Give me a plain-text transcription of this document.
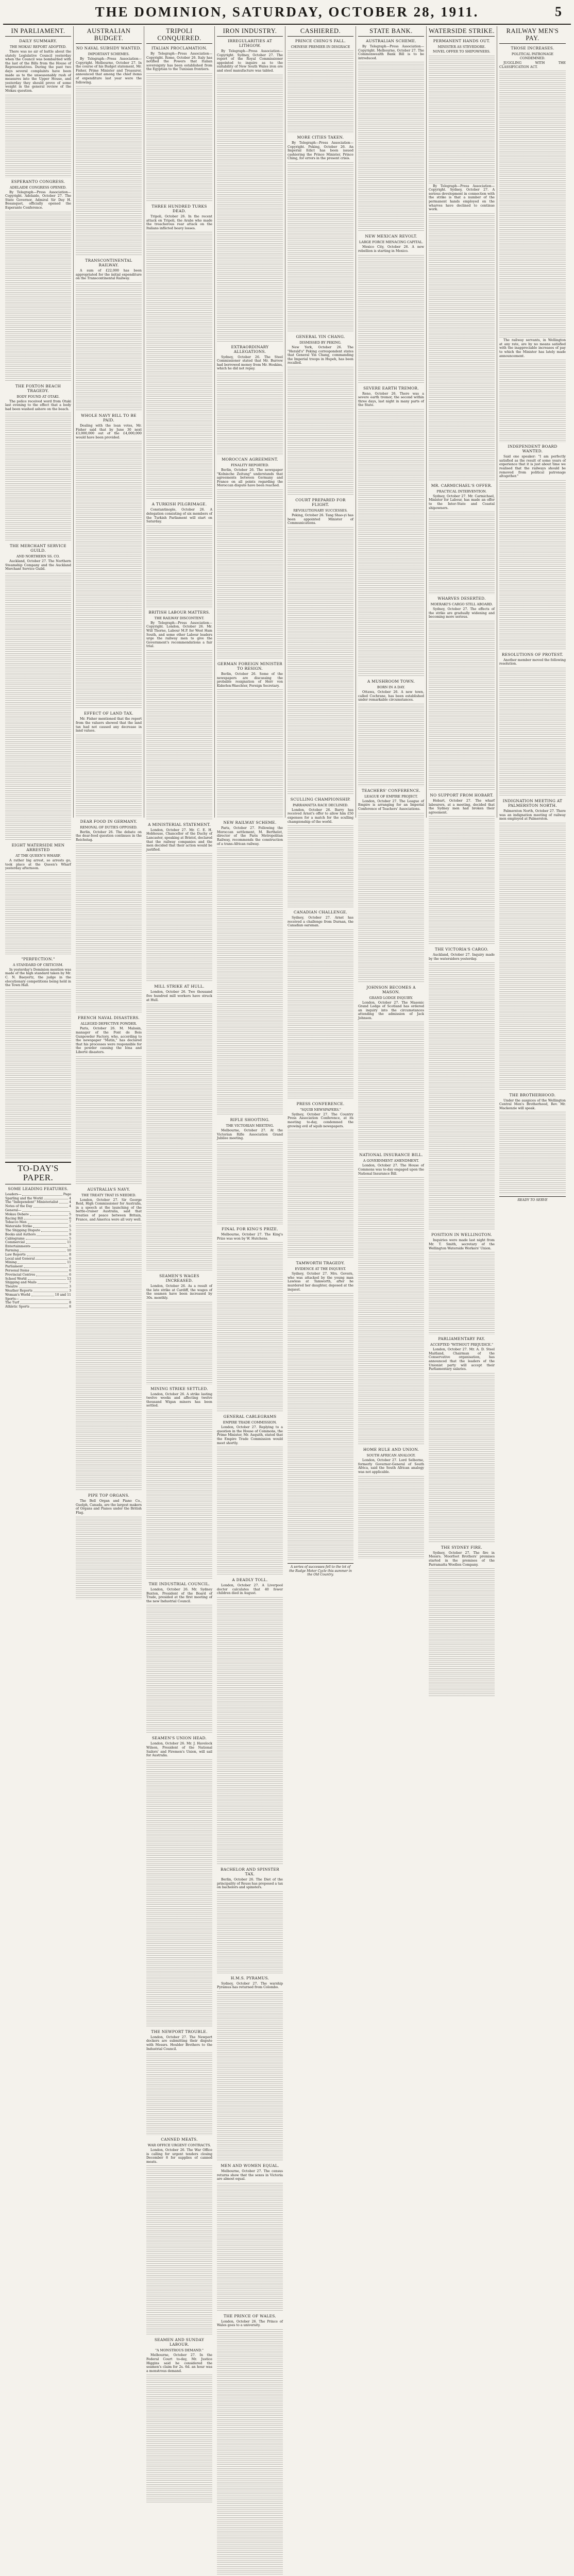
THE DOMINION, SATURDAY, OCTOBER 28, 1911.	5
IN PARLIAMENT.
DAILY SUMMARY.
THE MOKAU REPORT ADOPTED.

There was no air of battle about the stately Legislative Council yesterday when the Council was bombarded with the last of the Bills from the House of Representatives. During the past two days several complaints have been made as to the unseasonably rush of measures into the Upper House, and yesterday they should prove of some weight in the general review of the Mokau question.

ESPERANTO CONGRESS.
ADELAIDE CONGRESS OPENED.

By Telegraph—Press Association—Copyright. Adelaide, October 27. The State Governor, Admiral Sir Day H. Bosanquet, officially opened the Esperanto Conference.

THE FOXTON BEACH TRAGEDY.
BODY FOUND AT OTAKI.

The police received word from Otaki last evening to the effect that a body had been washed ashore on the beach.

THE MERCHANT SERVICE GUILD.
AND NORTHERN SS. CO.

Auckland, October 27. The Northern Steamship Company and the Auckland Merchant Service Guild.

EIGHT WATERSIDE MEN ARRESTED
AT THE QUEEN'S WHARF.

A rather big arrest, so arrests go, took place at the Queen's Wharf yesterday afternoon.

"PERFECTION."
A STANDARD OF CRITICISM.

In yesterday's Dominion mention was made of the high standard taken by Mr. C. N. Baeyertz, the judge in the elocutionary competitions being held in the Town Hall.

TO-DAY'S PAPER.
SOME LEADING FEATURES.
Leaders—	Page
Sparling and the World	4
The "Independent" Ministerialist	4
Notes of the Day	4
General—
Mokau Debate	5
Racing Bill	6
Tobacco Men	7
Waterside Strike	5
The Shipping Dispute	5
Books and Authors	9
Cablegrams	5
Commercial	11
Entertainments	3
Farming	10
Law Reports	8
Local and General	6
Mining	11
Parliament	2
Personal Items	6
Provincial Centres	6
School World	13
Shipping and Mails	7
Theatre	3
Weather Reports	3
Woman's World	10 and 11
Sports—
The Turf	8
Athletic Sports	8
AUSTRALIAN BUDGET.
NO NAVAL SUBSIDY WANTED.
IMPORTANT SCHEMES.

By Telegraph—Press Association—Copyright. Melbourne, October 27. In the course of his Budget statement, Mr. Fisher, Prime Minister and Treasurer, announced that among the chief items of expenditure last year were the following.

TRANSCONTINENTAL RAILWAY.

A sum of £22,000 has been appropriated for the initial expenditure on the Transcontinental Railway.

WHOLE NAVY BILL TO BE PAID.

Dealing with the loan votes, Mr. Fisher said that by June 30 next £3,000,000 out of the £4,000,000 would have been provided.

EFFECT OF LAND TAX.

Mr. Fisher mentioned that the report from the valuers showed that the land tax had not caused any decrease in land values.

DEAR FOOD IN GERMANY.
REMOVAL OF DUTIES OPPOSED.

Berlin, October 26. The debate on the dear-food question continues in the Reichstag.

FRENCH NAVAL DISASTERS.
ALLEGED DEFECTIVE POWDER.

Paris, October 26. M. Malssin, manager of the Pont de Bois Gunpowder Factory, who, according to the newspaper "Matin," has declared that his processes were responsible for the powder causing the Iéna and Liberté disasters.

AUSTRALIA'S NAVY.
THE TREATY THAT IS NEEDED.

London, October 27. Sir George Reid, High Commissioner for Australia, in a speech at the launching of the battle-cruiser Australia, said that treaties of peace between Britain, France, and America were all very well.

PIPE TOP ORGANS.

The Bell Organ and Piano Co., Guelph, Canada, are the largest makers of Organs and Pianos under the British Flag.

TRIPOLI CONQUERED.
ITALIAN PROCLAMATION.

By Telegraph—Press Association—Copyright. Rome, October 26. Italy has notified the Powers that Italian sovereignty has been established from the Egyptian to the Tunisian frontiers.

THREE HUNDRED TURKS DEAD.

Tripoli, October 26. In the recent attack on Tripoli, the Arabs who made the treacherous rear attack on the Italians inflicted heavy losses.

A TURKISH PILGRIMAGE.

Constantinople, October 26. A delegation consisting of six members of the Turkish Parliament will start on Saturday.

BRITISH LABOUR MATTERS.
THE RAILWAY DISCONTENT.

By Telegraph—Press Association—Copyright. London, October 26. Mr. Will Thorne, Labour M.P. for West Ham South, and some other Labour leaders urge the railway men to give the Government's recommendations a fair trial.

A MINISTERIAL STATEMENT.

London, October 27. Mr. C. E. H. Hobhouse, Chancellor of the Duchy of Lancaster, speaking at Bristol, declared that the railway companies and the men decided that their action would be justified.

MILL STRIKE AT HULL.

London, October 26. Two thousand five hundred mill workers have struck at Hull.

SEAMEN'S WAGES INCREASED.

London, October 26. As a result of the late strike at Cardiff, the wages of the seamen have been increased by 30s. monthly.

MINING STRIKE SETTLED.

London, October 26. A strike lasting twelve weeks and affecting twelve thousand Wigan miners has been settled.

THE INDUSTRIAL COUNCIL.

London, October 26. Mr. Sydney Buxton, President of the Board of Trade, presided at the first meeting of the new Industrial Council.

SEAMEN'S UNION HEAD.

London, October 26. Mr. J. Havelock Wilson, President of the National Sailors' and Firemen's Union, will sail for Australia.

THE NEWPORT TROUBLE.

London, October 27. The Newport dockers are submitting their dispute with Messrs. Houlder Brothers to the Industrial Council.

CANNED MEATS.
WAR OFFICE URGENT CONTRACTS.

London, October 26. The War Office is calling for urgent tenders closing December 8 for supplies of canned meats.

SEAMEN AND SUNDAY LABOUR.
"A MONSTROUS DEMAND."

Melbourne, October 27. In the Federal Court to-day, Mr. Justice Higgins said he considered the seamen's claim for 2s. 6d. an hour was a monstrous demand.

IRON INDUSTRY.
IRREGULARITIES AT LITHGOW.

By Telegraph—Press Association—Copyright. Sydney, October 27. The report of the Royal Commissioner appointed to inquire as to the suitability of New South Wales iron ore and steel manufacture was tabled.

EXTRAORDINARY ALLEGATIONS.

Sydney, October 26. The Steel Commissioner stated that Mr. Burrow had borrowed money from Mr. Hoskins, which he did not repay.

MOROCCAN AGREEMENT.
FINALITY REPORTED.

Berlin, October 26. The newspaper "Kolnische Zeitung" understands that agreements between Germany and France on all points regarding the Moroccan dispute have been reached.

GERMAN FOREIGN MINISTER TO RESIGN.

Berlin, October 26. Some of the newspapers are discussing the probable resignation of Herr von Kiderlen-Waechter, Foreign Secretary.

NEW RAILWAY SCHEME.

Paris, October 27. Following the Moroccan settlement, M. Berthelot, director of the Paris Metropolitan Railway, recommends the construction of a trans-African railway.

RIFLE SHOOTING.
THE VICTORIAN MEETING.

Melbourne, October 27. At the Victorian Rifle Association Grand Jubilee meeting.

FINAL FOR KING'S PRIZE.

Melbourne, October 27. The King's Prize was won by W. Hutchens.

GENERAL CABLEGRAMS
EMPIRE TRADE COMMISSION.

London, October 27. Replying to a question in the House of Commons, the Prime Minister, Mr. Asquith, stated that the Empire Trade Commission would meet shortly.

A DEADLY TOLL.

London, October 27. A Liverpool doctor calculates that 40 fewer children died in August.

BACHELOR AND SPINSTER TAX.

Berlin, October 26. The Diet of the principality of Reuss has proposed a tax on bachelors and spinsters.

H.M.S. PYRAMUS.

Sydney, October 27. The warship Pyramus has returned from Colombo.

MEN AND WOMEN EQUAL.

Melbourne, October 27. The census returns show that the sexes in Victoria are almost equal.

THE PRINCE OF WALES.

London, October 26. The Prince of Wales goes to a university.

CASHIERED.
PRINCE CHING'S FALL.
CHINESE PREMIER IN DISGRACE
MORE CITIES TAKEN.

By Telegraph—Press Association—Copyright. Peking, October 26. An Imperial Edict has been issued cashiering the Prince Minister, Prince Ching, for errors in the present crisis.

GENERAL YIN CHANG.
DISMISSED BY PEKING.

New York, October 26. The "Herald's" Peking correspondent states that General Yin Chang, commanding the Imperial troops in Hupeh, has been recalled.

COURT PREPARED FOR FLIGHT.
REVOLUTIONARY SUCCESSES.

Peking, October 26. Tang Shao-yi has been appointed Minister of Communications.

SCULLING CHAMPIONSHIP.
PARRAMATTA RACE DECLINED.

London, October 26. Barry has received Arnst's offer to allow him £50 expenses for a match for the sculling championship of the world.

CANADIAN CHALLENGE.

Sydney, October 27. Arnst has received a challenge from Durnan, the Canadian oarsman.

PRESS CONFERENCE.
"SQUIB NEWSPAPERS."

Sydney, October 27. The Country Press Association Conference, at its meeting to-day, condemned the growing evil of squib newspapers.

TAMWORTH TRAGEDY.
EVIDENCE AT THE INQUEST.

Sydney, October 27. Mrs. Govern, who was attacked by the young man Lawless at Tamworth, after he murdered her daughter, deposed at the inquest.

A series of successes fell to the lot of the Rudge Motor Cycle this summer in the Old Country.
STATE BANK.
AUSTRALIAN SCHEME.

By Telegraph—Press Association—Copyright. Melbourne, October 27. The Commonwealth Bank Bill is to be introduced.

NEW MEXICAN REVOLT.
LARGE FORCE MENACING CAPITAL.

Mexico City, October 26. A new rebellion is starting in Mexico.

SEVERE EARTH TREMOR.

Reno, October 26. There was a severe earth tremor, the second within three days, last night in many parts of the State.

A MUSHROOM TOWN.
BORN IN A DAY.

Ottawa, October 26. A new town, called Cochrane, has been established under remarkable circumstances.

TEACHERS' CONFERENCE.
LEAGUE OF EMPIRE PROJECT.

London, October 27. The League of Empire is arranging for an Imperial Conference of Teachers' Associations.

JOHNSON BECOMES A MASON.
GRAND LODGE INQUIRY.

London, October 27. The Masonic Grand Lodge of Scotland has ordered an inquiry into the circumstances attending the admission of Jack Johnson.

NATIONAL INSURANCE BILL.
A GOVERNMENT AMENDMENT.

London, October 27. The House of Commons was to-day engaged upon the National Insurance Bill.

HOME RULE AND UNION.
SOUTH AFRICAN ANALOGY.

London, October 27. Lord Selborne, formerly Governor-General of South Africa, said the South African analogy was not applicable.

WATERSIDE STRIKE.
PERMANENT HANDS OUT.
MINISTER AS STEVEDORE.

NOVEL OFFER TO SHIPOWNERS.

By Telegraph—Press Association—Copyright. Sydney, October 27. A serious development in connection with the strike is that a number of the permanent hands employed on the wharves have declined to continue work.

MR. CARMICHAEL'S OFFER.
PRACTICAL INTERVENTION.

Sydney, October 27. Mr. Carmichael, Minister for Labour, has made an offer to the Inter-State and Coastal shipowners.

WHARVES DESERTED.
MOERAKI'S CARGO STILL ABOARD.

Sydney, October 27. The effects of the strike are gradually widening and becoming more serious.

NO SUPPORT FROM HOBART.

Hobart, October 27. The wharf labourers, at a meeting, decided that the Sydney men had broken their agreement.

THE VICTORIA'S CARGO.

Auckland, October 27. Inquiry made by the watersiders yesterday.

POSITION IN WELLINGTON.

Inquiries were made last night from Mr. T. Smith, secretary of the Wellington Waterside Workers' Union.

PARLIAMENTARY PAY.
ACCEPTED "WITHOUT PREJUDICE."

London, October 27. Mr. A. D. Steel Maitland, Chairman of the Conservative organisation, has announced that the leaders of the Unionist party will accept their Parliamentary salaries.

THE SYDNEY FIRE.

Sydney, October 27. The fire in Messrs. Moorfoot Brothers' premises started in the premises of the Parramatta Woollen Company.

RAILWAY MEN'S PAY.
THOSE INCREASES.
POLITICAL PATRONAGE CONDEMNED.

JUGGLING WITH THE CLASSIFICATION ACT.

The railway servants, in Wellington at any rate, are by no means satisfied with the inappreciable increases of pay to which the Minister has lately made announcement.

INDEPENDENT BOARD WANTED.

Said one speaker: "I am perfectly satisfied as the result of some years of experience that it is just about time we realised that the railways should be removed from political patronage altogether."

RESOLUTIONS OF PROTEST.

Another member moved the following resolution.

INDIGNATION MEETING AT PALMERSTON NORTH.

Palmerston North, October 27. There was an indignation meeting of railway men employed at Palmerston.

THE BROTHERHOOD.

Under the auspices of the Wellington Central Men's Brotherhood, Rev. Mr. Mackenzie will speak.

READY TO SERVE
